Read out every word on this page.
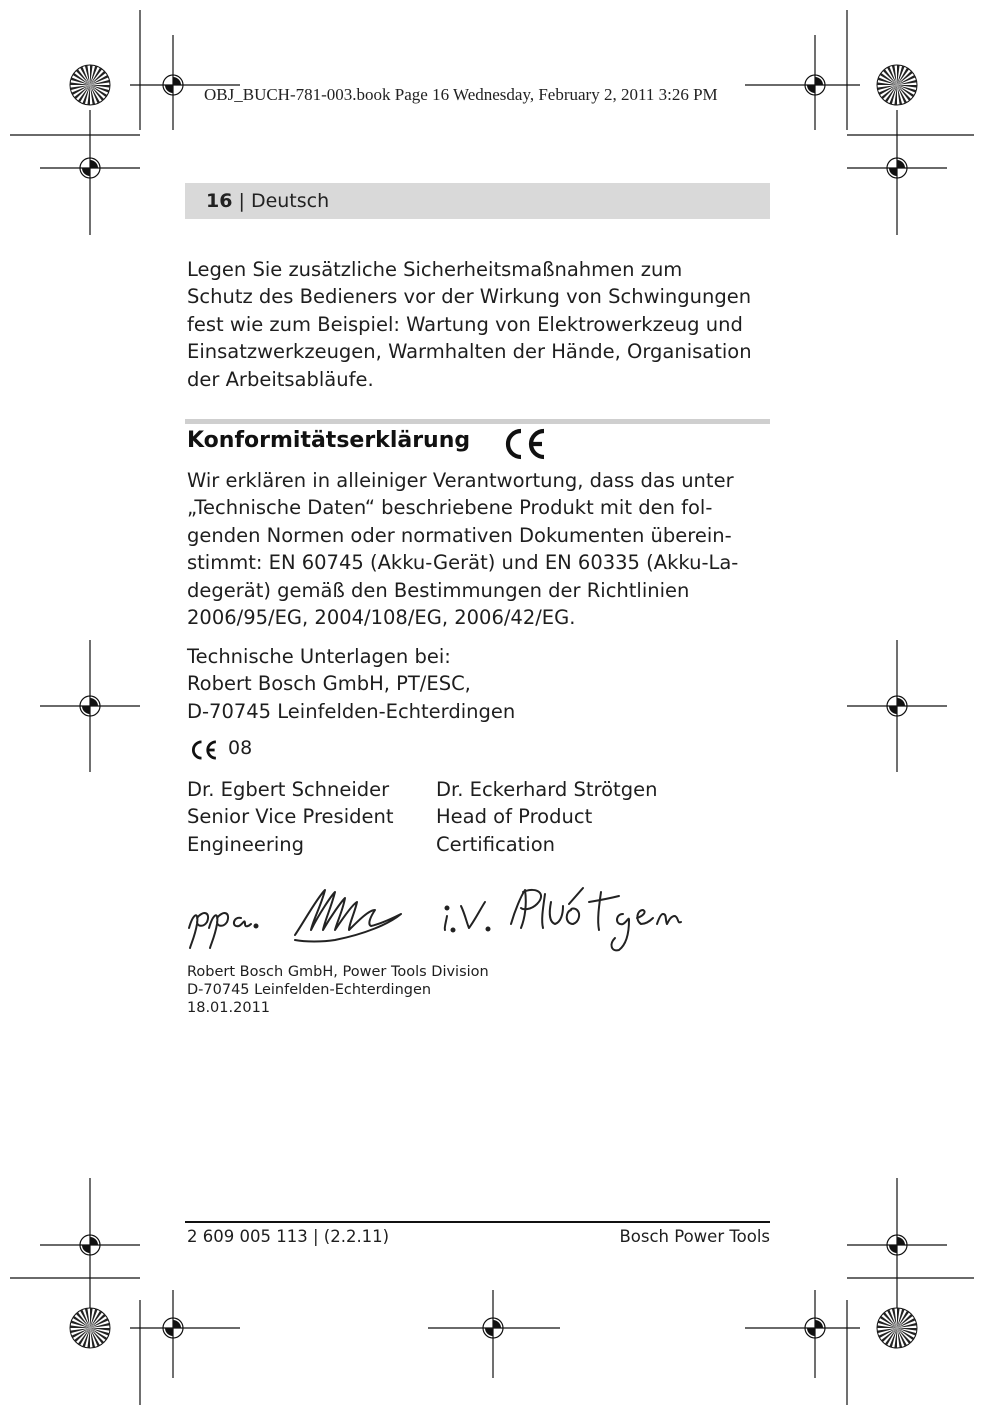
OBJ_BUCH-781-003.book Page 16 Wednesday, February 2, 2011 3:26 PM
16 | Deutsch
Legen Sie zusätzliche Sicherheitsmaßnahmen zum
Schutz des Bedieners vor der Wirkung von Schwingungen
fest wie zum Beispiel: Wartung von Elektrowerkzeug und
Einsatzwerkzeugen, Warmhalten der Hände, Organisation
der Arbeitsabläufe.
Konformitätserklärung
Wir erklären in alleiniger Verantwortung, dass das unter
„Technische Daten“ beschriebene Produkt mit den fol-
genden Normen oder normativen Dokumenten überein-
stimmt: EN 60745 (Akku-Gerät) und EN 60335 (Akku-La-
degerät) gemäß den Bestimmungen der Richtlinien
2006/95/EG, 2004/108/EG, 2006/42/EG.
Technische Unterlagen bei:
Robert Bosch GmbH, PT/ESC,
D-70745 Leinfelden-Echterdingen
08
Dr. Egbert Schneider
Senior Vice President
Engineering
Dr. Eckerhard Strötgen
Head of Product
Certification
Robert Bosch GmbH, Power Tools Division
D-70745 Leinfelden-Echterdingen
18.01.2011
2 609 005 113 | (2.2.11)	Bosch Power Tools
